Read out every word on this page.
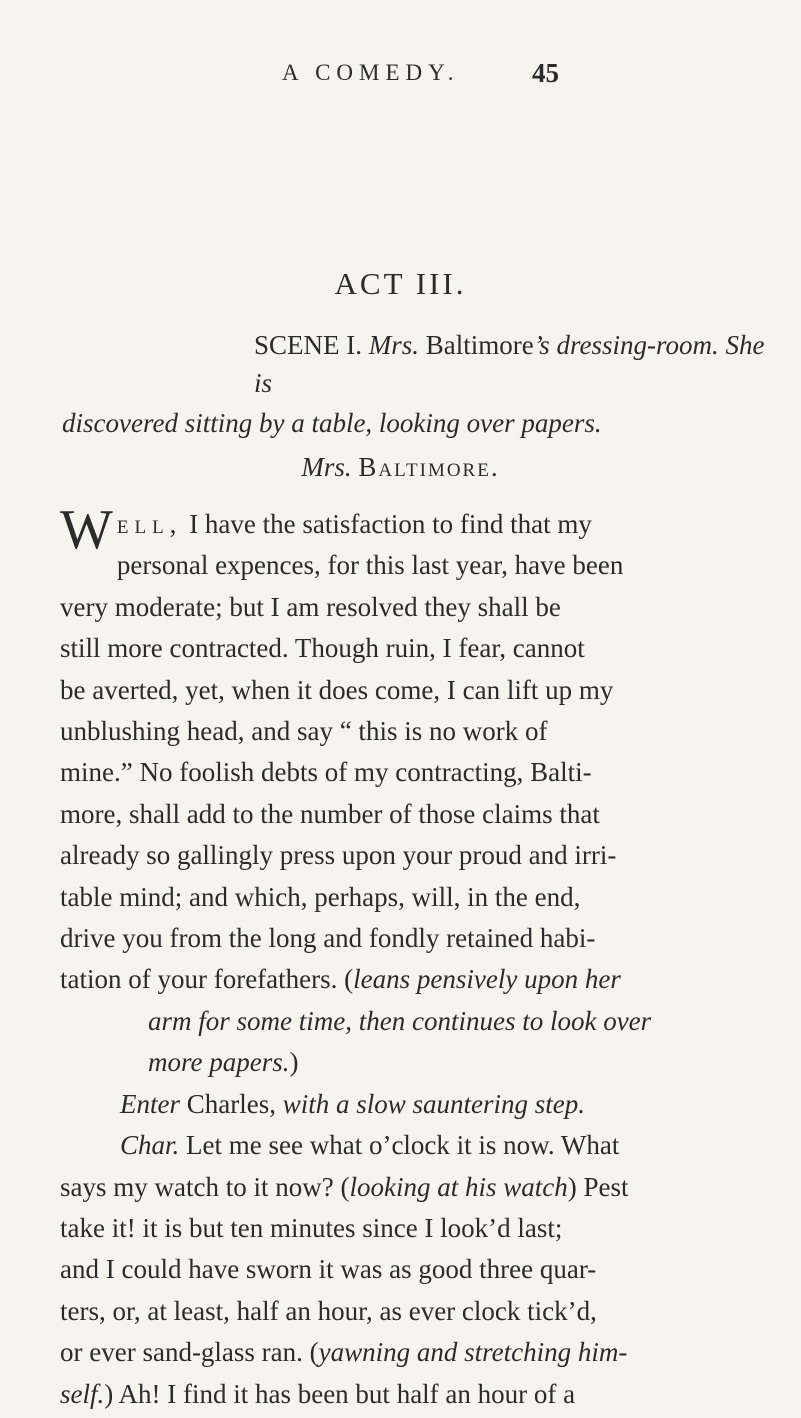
A COMEDY.	45
ACT III.
SCENE I. Mrs. Baltimore’s dressing-room. She is
discovered sitting by a table, looking over papers.
Mrs. Baltimore.

Well, I have the satisfaction to find that my
personal expences, for this last year, have been
very moderate; but I am resolved they shall be
still more contracted. Though ruin, I fear, cannot
be averted, yet, when it does come, I can lift up my
unblushing head, and say “ this is no work of
mine.” No foolish debts of my contracting, Balti-
more, shall add to the number of those claims that
already so gallingly press upon your proud and irri-
table mind; and which, perhaps, will, in the end,
drive you from the long and fondly retained habi-
tation of your forefathers. (leans pensively upon her

arm for some time, then continues to look over
more papers.)

Enter Charles, with a slow sauntering step.

Char. Let me see what o’clock it is now. What
says my watch to it now? (looking at his watch) Pest
take it! it is but ten minutes since I look’d last;
and I could have sworn it was as good three quar-
ters, or, at least, half an hour, as ever clock tick’d,
or ever sand-glass ran. (yawning and stretching him-
self.) Ah! I find it has been but half an hour of a
